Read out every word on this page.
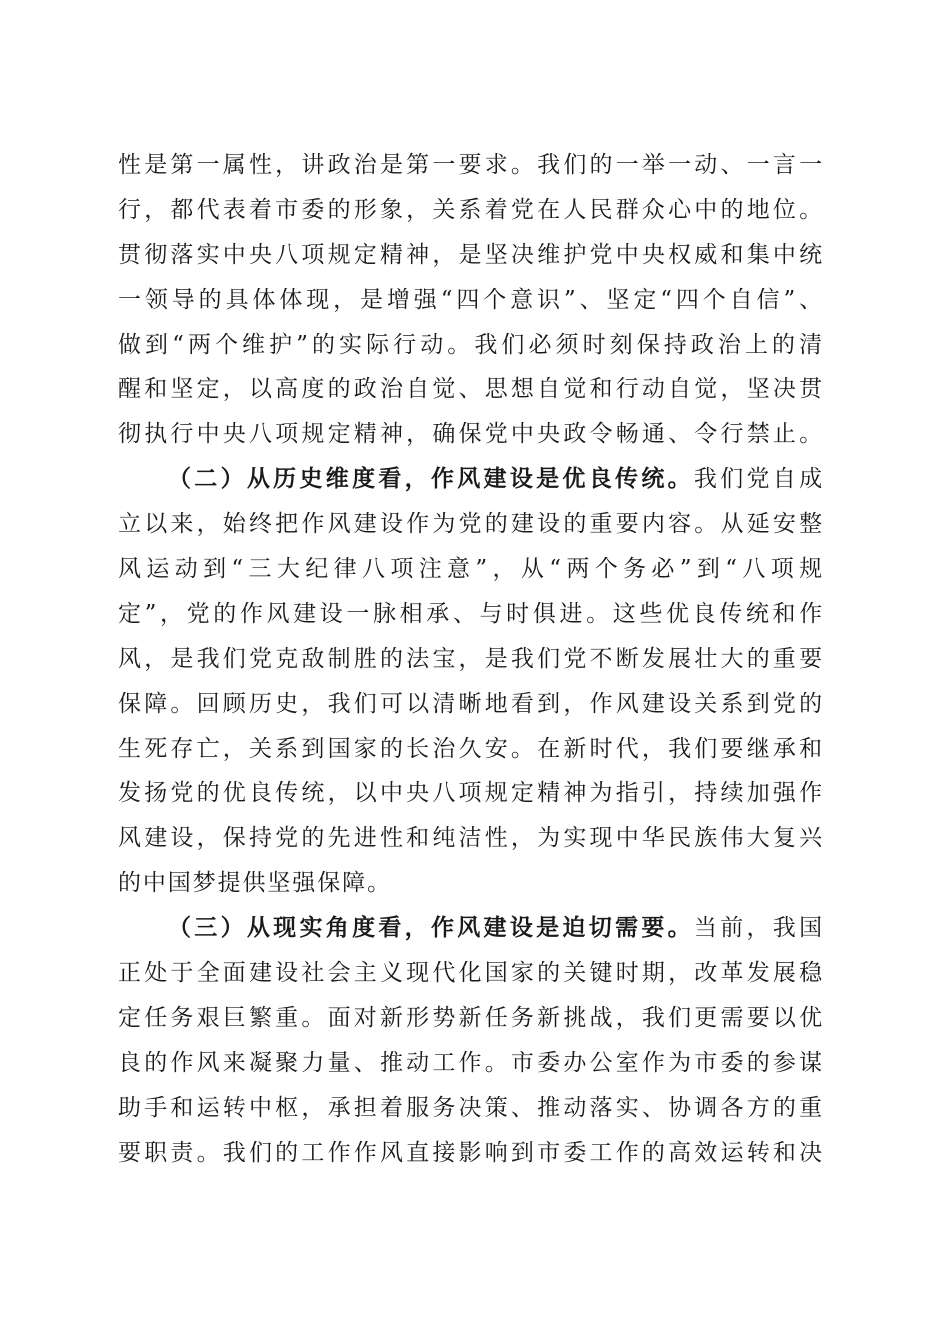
性是第一属性，讲政治是第一要求。我们的一举一动、一言一
行，都代表着市委的形象，关系着党在人民群众心中的地位。
贯彻落实中央八项规定精神，是坚决维护党中央权威和集中统
一领导的具体体现，是增强“四个意识”、坚定“四个自信”、
做到“两个维护”的实际行动。我们必须时刻保持政治上的清
醒和坚定，以高度的政治自觉、思想自觉和行动自觉，坚决贯
彻执行中央八项规定精神，确保党中央政令畅通、令行禁止。
（二）从历史维度看，作风建设是优良传统。我们党自成
立以来，始终把作风建设作为党的建设的重要内容。从延安整
风运动到“三大纪律八项注意”，从“两个务必”到“八项规
定”，党的作风建设一脉相承、与时俱进。这些优良传统和作
风，是我们党克敌制胜的法宝，是我们党不断发展壮大的重要
保障。回顾历史，我们可以清晰地看到，作风建设关系到党的
生死存亡，关系到国家的长治久安。在新时代，我们要继承和
发扬党的优良传统，以中央八项规定精神为指引，持续加强作
风建设，保持党的先进性和纯洁性，为实现中华民族伟大复兴
的中国梦提供坚强保障。
（三）从现实角度看，作风建设是迫切需要。当前，我国
正处于全面建设社会主义现代化国家的关键时期，改革发展稳
定任务艰巨繁重。面对新形势新任务新挑战，我们更需要以优
良的作风来凝聚力量、推动工作。市委办公室作为市委的参谋
助手和运转中枢，承担着服务决策、推动落实、协调各方的重
要职责。我们的工作作风直接影响到市委工作的高效运转和决
